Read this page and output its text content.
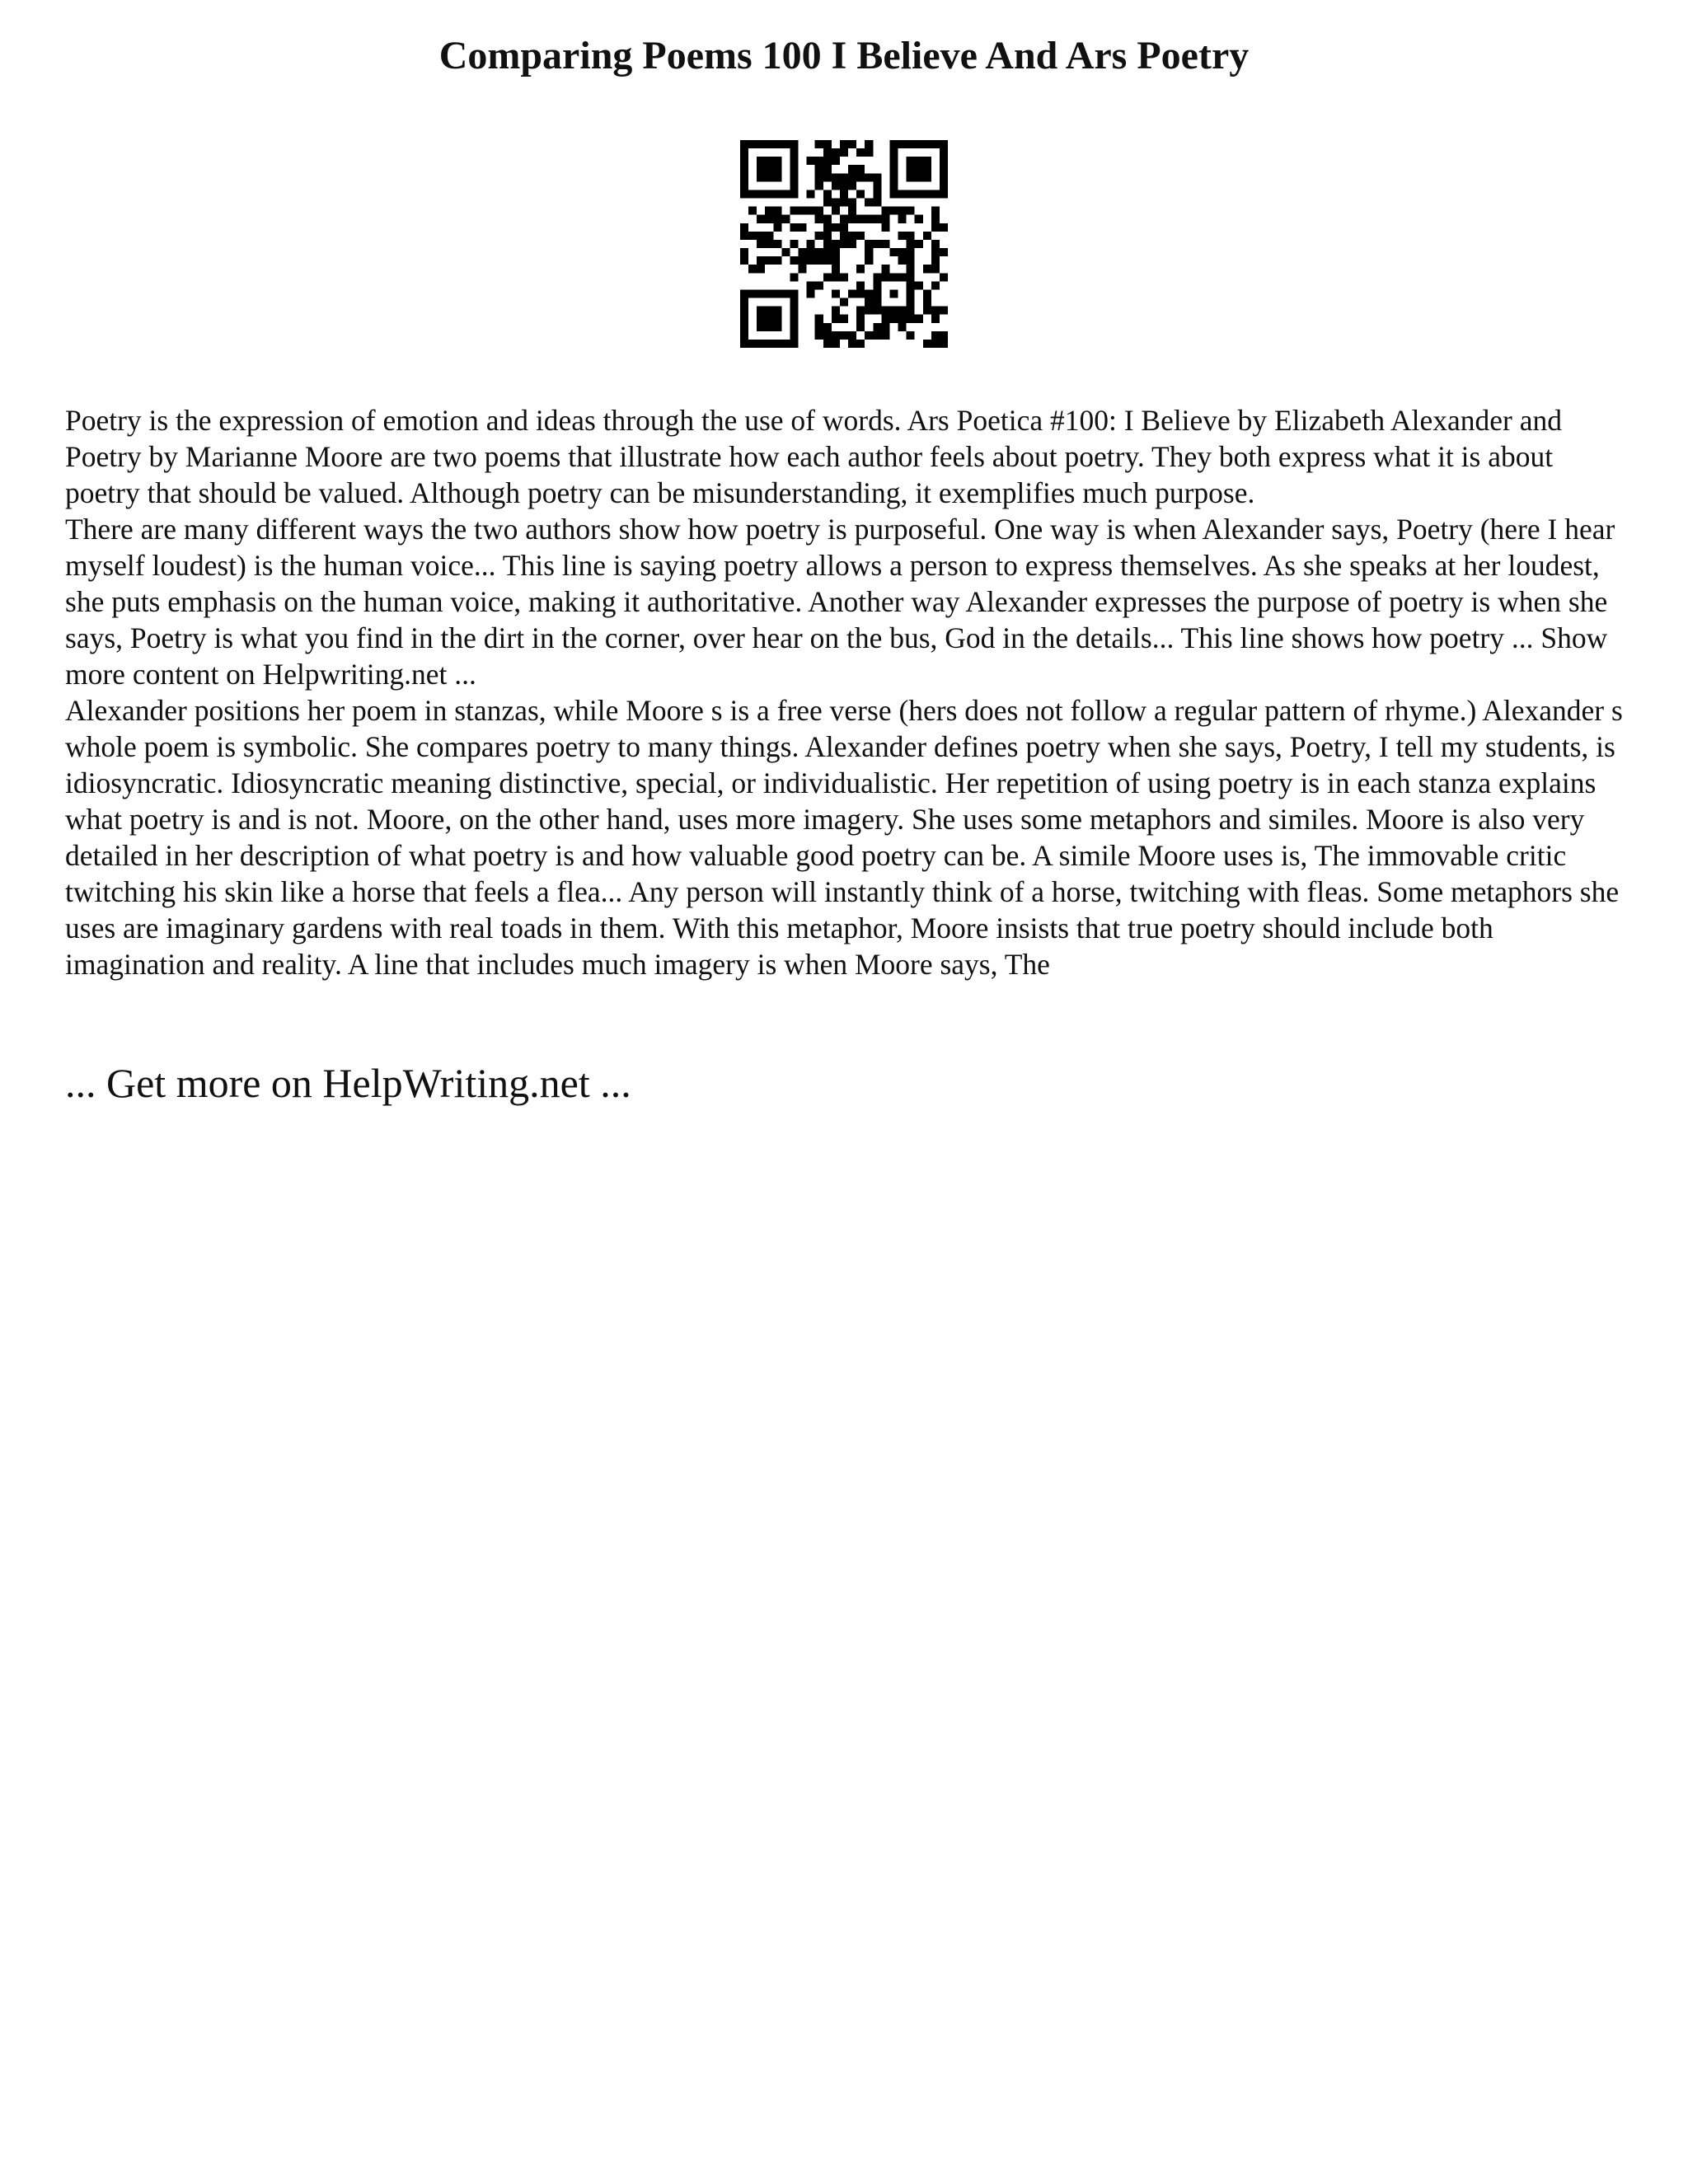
Comparing Poems 100 I Believe And Ars Poetry

Poetry is the expression of emotion and ideas through the use of words. Ars Poetica #100: I Believe by Elizabeth Alexander and Poetry by Marianne Moore are two poems that illustrate how each author feels about poetry. They both express what it is about poetry that should be valued. Although poetry can be misunderstanding, it exemplifies much purpose.

There are many different ways the two authors show how poetry is purposeful. One way is when Alexander says, Poetry (here I hear myself loudest) is the human voice... This line is saying poetry allows a person to express themselves. As she speaks at her loudest, she puts emphasis on the human voice, making it authoritative. Another way Alexander expresses the purpose of poetry is when she says, Poetry is what you find in the dirt in the corner, over hear on the bus, God in the details... This line shows how poetry ... Show more content on Helpwriting.net ...

Alexander positions her poem in stanzas, while Moore s is a free verse (hers does not follow a regular pattern of rhyme.) Alexander s whole poem is symbolic. She compares poetry to many things. Alexander defines poetry when she says, Poetry, I tell my students, is idiosyncratic. Idiosyncratic meaning distinctive, special, or individualistic. Her repetition of using poetry is in each stanza explains what poetry is and is not. Moore, on the other hand, uses more imagery. She uses some metaphors and similes. Moore is also very detailed in her description of what poetry is and how valuable good poetry can be. A simile Moore uses is, The immovable critic twitching his skin like a horse that feels a flea... Any person will instantly think of a horse, twitching with fleas. Some metaphors she uses are imaginary gardens with real toads in them. With this metaphor, Moore insists that true poetry should include both imagination and reality. A line that includes much imagery is when Moore says, The

... Get more on HelpWriting.net ...
